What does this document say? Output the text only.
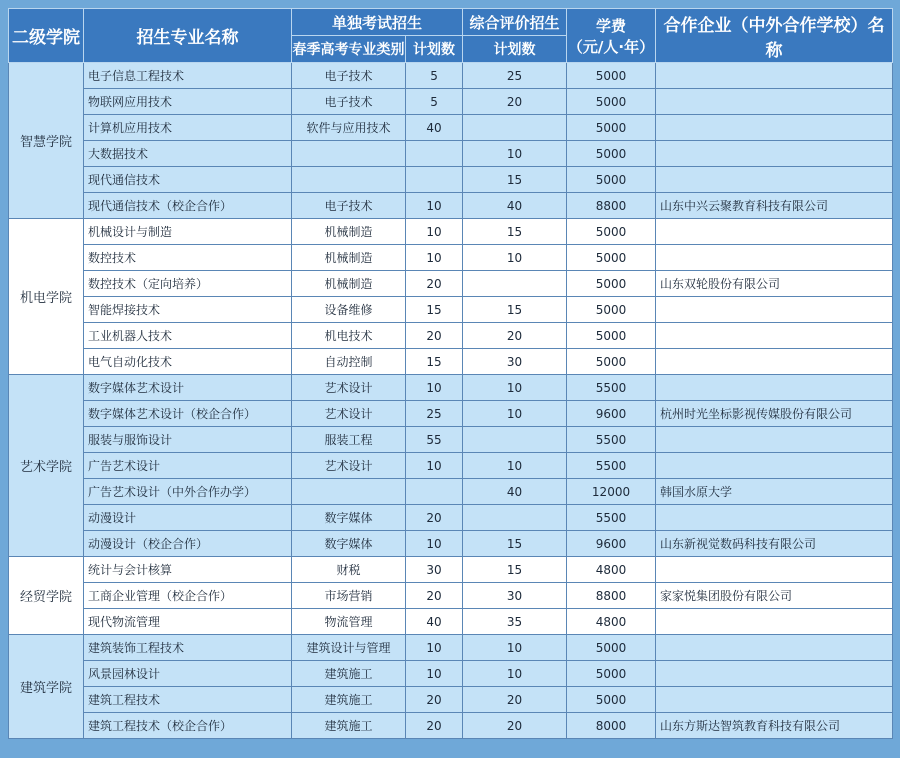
二级学院	招生专业名称	单独考试招生		综合评价招生	学费
（元/人·年）	合作企业（中外合作学校）名称
		春季高考专业类别	计划数	计划数		
智慧学院	电子信息工程技术	电子技术	5	25	5000	
	物联网应用技术	电子技术	5	20	5000	
	计算机应用技术	软件与应用技术	40		5000	
	大数据技术			10	5000	
	现代通信技术			15	5000	
	现代通信技术（校企合作）	电子技术	10	40	8800	山东中兴云聚教育科技有限公司
机电学院	机械设计与制造	机械制造	10	15	5000	
	数控技术	机械制造	10	10	5000	
	数控技术（定向培养）	机械制造	20		5000	山东双轮股份有限公司
	智能焊接技术	设备维修	15	15	5000	
	工业机器人技术	机电技术	20	20	5000	
	电气自动化技术	自动控制	15	30	5000	
艺术学院	数字媒体艺术设计	艺术设计	10	10	5500	
	数字媒体艺术设计（校企合作）	艺术设计	25	10	9600	杭州时光坐标影视传媒股份有限公司
	服装与服饰设计	服装工程	55		5500	
	广告艺术设计	艺术设计	10	10	5500	
	广告艺术设计（中外合作办学）			40	12000	韩国水原大学
	动漫设计	数字媒体	20		5500	
	动漫设计（校企合作）	数字媒体	10	15	9600	山东新视觉数码科技有限公司
经贸学院	统计与会计核算	财税	30	15	4800	
	工商企业管理（校企合作）	市场营销	20	30	8800	家家悦集团股份有限公司
	现代物流管理	物流管理	40	35	4800	
建筑学院	建筑装饰工程技术	建筑设计与管理	10	10	5000	
	风景园林设计	建筑施工	10	10	5000	
	建筑工程技术	建筑施工	20	20	5000	
	建筑工程技术（校企合作）	建筑施工	20	20	8000	山东方斯达智筑教育科技有限公司
